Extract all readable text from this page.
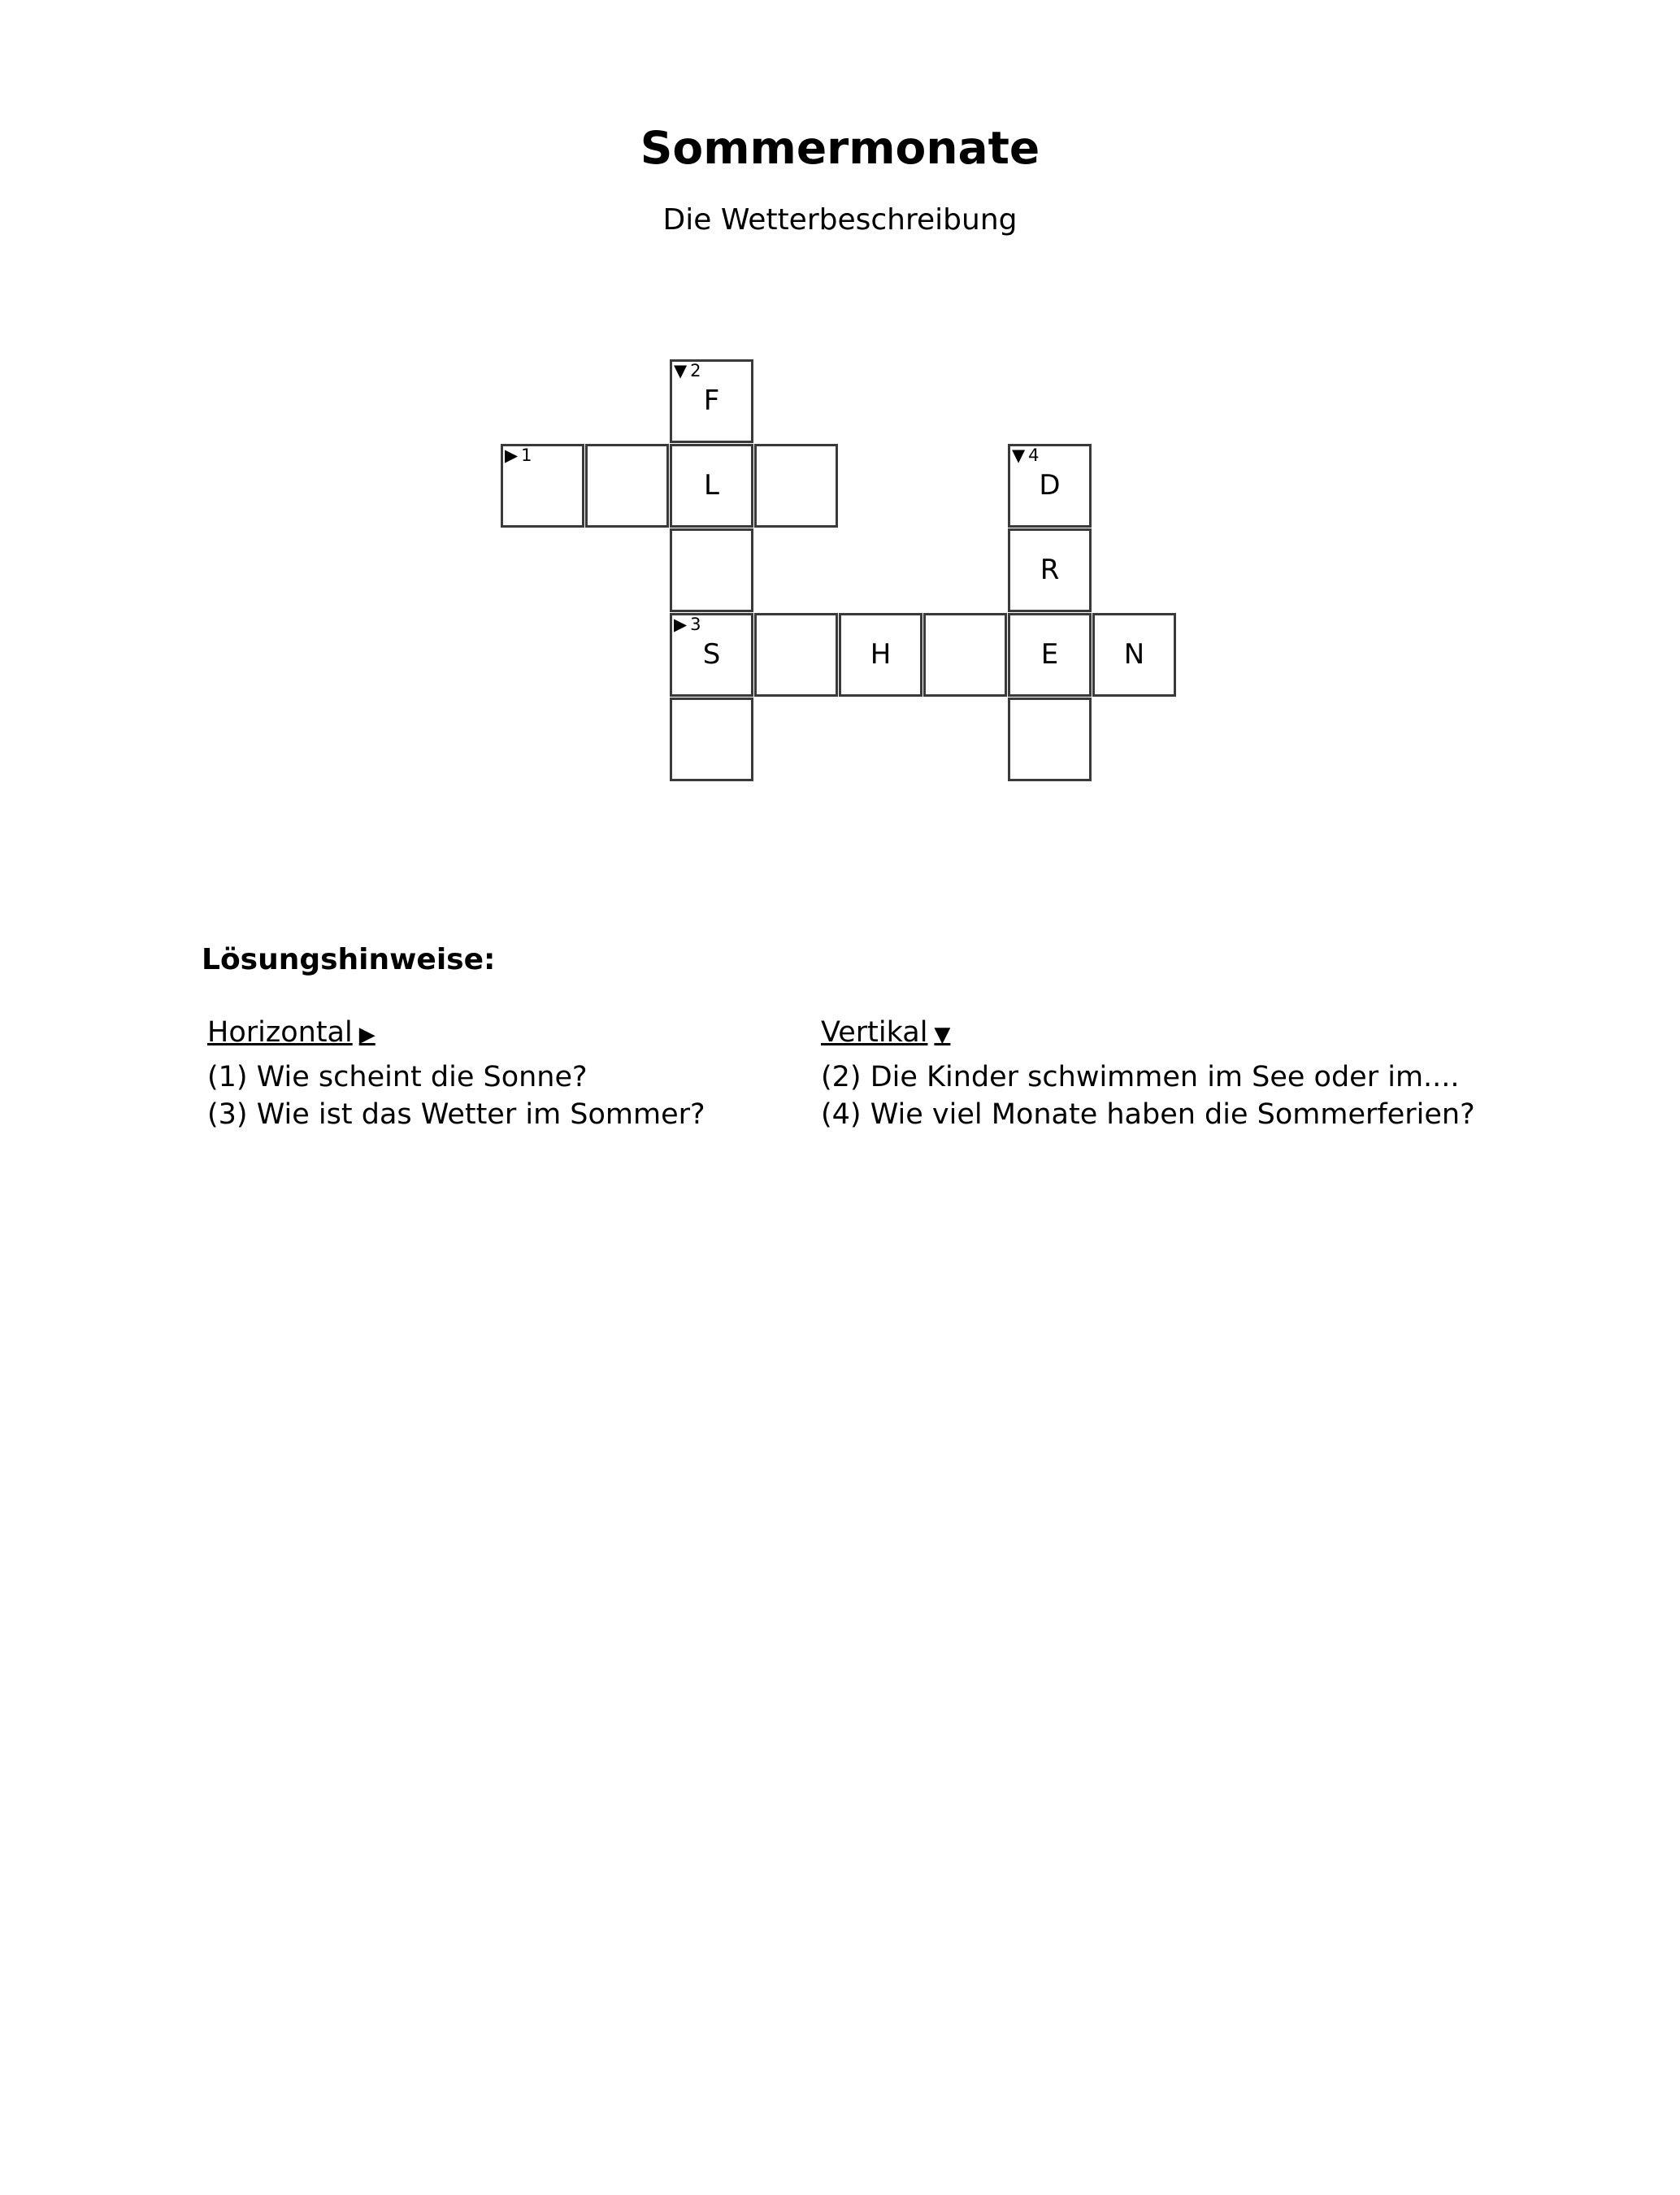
Sommermonate
Die Wetterbeschreibung
▼ 2
F
▶ 1
L
▼ 4
D
R
▶ 3
S	H	E	N
Lösungshinweise:
Horizontal ▶

(1) Wie scheint die Sonne?

(3) Wie ist das Wetter im Sommer?

Vertikal ▼

(2) Die Kinder schwimmen im See oder im....

(4) Wie viel Monate haben die Sommerferien?
